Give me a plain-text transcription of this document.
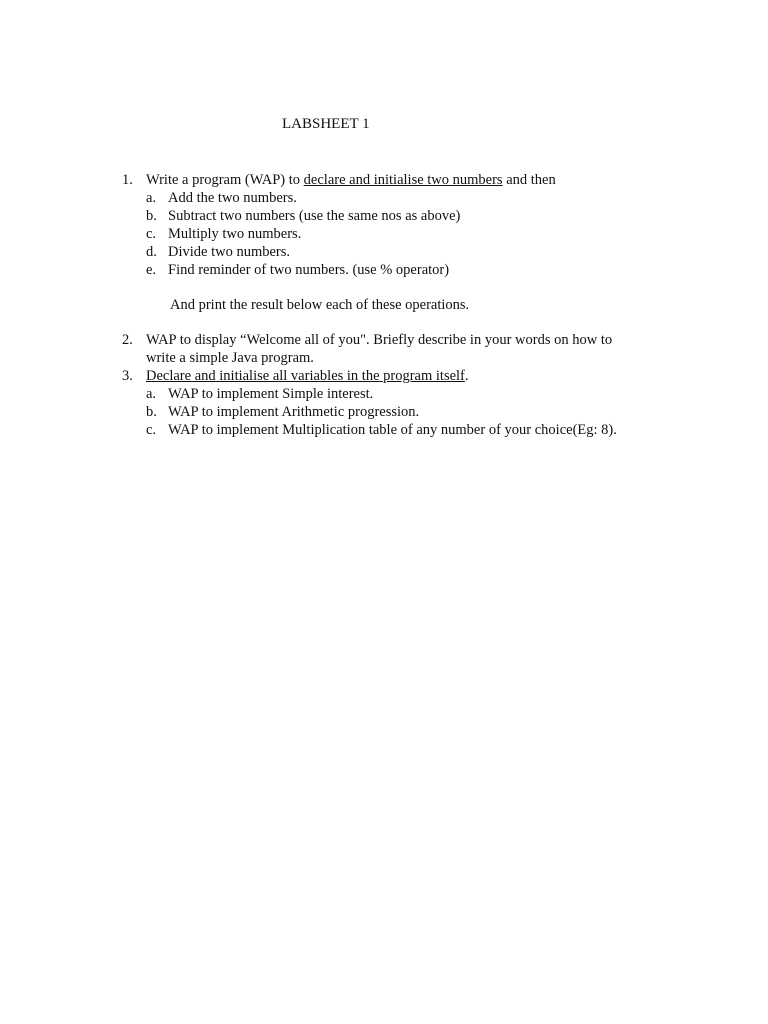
LABSHEET 1
1. Write a program (WAP) to declare and initialise two numbers and then
a. Add the two numbers.
b. Subtract two numbers (use the same nos as above)
c. Multiply two numbers.
d. Divide two numbers.
e. Find reminder of two numbers. (use % operator)
And print the result below each of these operations.
2. WAP to display “Welcome all of you". Briefly describe in your words on how to
write a simple Java program.
3. Declare and initialise all variables in the program itself.
a. WAP to implement Simple interest.
b. WAP to implement Arithmetic progression.
c. WAP to implement Multiplication table of any number of your choice(Eg: 8).
